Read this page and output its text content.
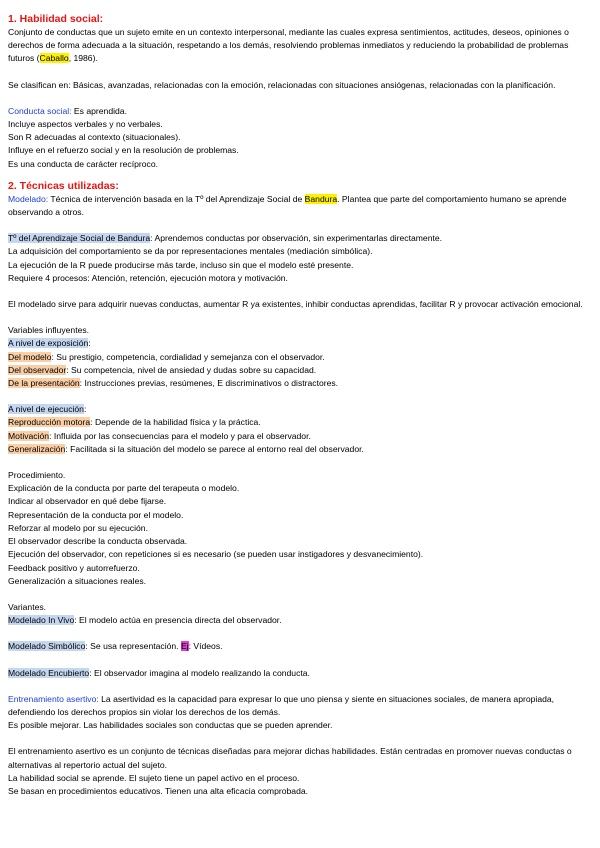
1. Habilidad social:

Conjunto de conductas que un sujeto emite en un contexto interpersonal, mediante las cuales expresa sentimientos, actitudes, deseos, opiniones o derechos de forma adecuada a la situación, respetando a los demás, resolviendo problemas inmediatos y reduciendo la probabilidad de problemas futuros (Caballo, 1986).

Se clasifican en: Básicas, avanzadas, relacionadas con la emoción, relacionadas con situaciones ansiógenas, relacionadas con la planificación.

Conducta social: Es aprendida.

Incluye aspectos verbales y no verbales.

Son R adecuadas al contexto (situacionales).

Influye en el refuerzo social y en la resolución de problemas.

Es una conducta de carácter recíproco.

2. Técnicas utilizadas:

Modelado: Técnica de intervención basada en la Tº del Aprendizaje Social de Bandura. Plantea que parte del comportamiento humano se aprende observando a otros.

Tº del Aprendizaje Social de Bandura: Aprendemos conductas por observación, sin experimentarlas directamente.

La adquisición del comportamiento se da por representaciones mentales (mediación simbólica).

La ejecución de la R puede producirse más tarde, incluso sin que el modelo esté presente.

Requiere 4 procesos: Atención, retención, ejecución motora y motivación.

El modelado sirve para adquirir nuevas conductas, aumentar R ya existentes, inhibir conductas aprendidas, facilitar R y provocar activación emocional.

Variables influyentes.

A nivel de exposición:

Del modelo: Su prestigio, competencia, cordialidad y semejanza con el observador.

Del observador: Su competencia, nivel de ansiedad y dudas sobre su capacidad.

De la presentación: Instrucciones previas, resúmenes, E discriminativos o distractores.

A nivel de ejecución:

Reproducción motora: Depende de la habilidad física y la práctica.

Motivación: Influida por las consecuencias para el modelo y para el observador.

Generalización: Facilitada si la situación del modelo se parece al entorno real del observador.

Procedimiento.

Explicación de la conducta por parte del terapeuta o modelo.

Indicar al observador en qué debe fijarse.

Representación de la conducta por el modelo.

Reforzar al modelo por su ejecución.

El observador describe la conducta observada.

Ejecución del observador, con repeticiones si es necesario (se pueden usar instigadores y desvanecimiento).

Feedback positivo y autorrefuerzo.

Generalización a situaciones reales.

Variantes.

Modelado In Vivo: El modelo actúa en presencia directa del observador.

Modelado Simbólico: Se usa representación. Ej: Vídeos.

Modelado Encubierto: El observador imagina al modelo realizando la conducta.

Entrenamiento asertivo: La asertividad es la capacidad para expresar lo que uno piensa y siente en situaciones sociales, de manera apropiada, defendiendo los derechos propios sin violar los derechos de los demás.

Es posible mejorar. Las habilidades sociales son conductas que se pueden aprender.

El entrenamiento asertivo es un conjunto de técnicas diseñadas para mejorar dichas habilidades. Están centradas en promover nuevas conductas o alternativas al repertorio actual del sujeto.

La habilidad social se aprende. El sujeto tiene un papel activo en el proceso.

Se basan en procedimientos educativos. Tienen una alta eficacia comprobada.
